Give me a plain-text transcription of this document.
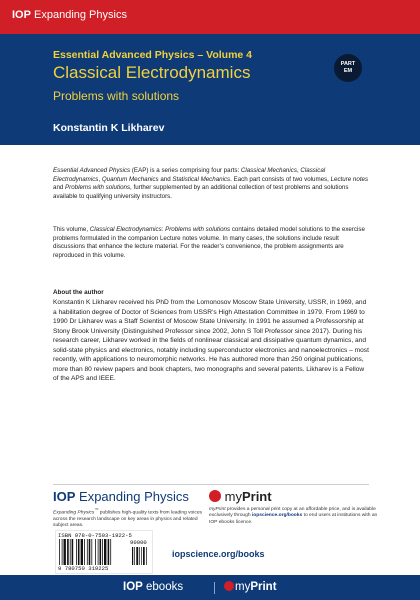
IOP Expanding Physics
Essential Advanced Physics – Volume 4
Classical Electrodynamics
Problems with solutions
Konstantin K Likharev
PART
EM

Essential Advanced Physics (EAP) is a series comprising four parts: Classical Mechanics, Classical Electrodynamics, Quantum Mechanics and Statistical Mechanics. Each part consists of two volumes, Lecture notes and Problems with solutions, further supplemented by an additional collection of test problems and solutions available to qualifying university instructors.

This volume, Classical Electrodynamics: Problems with solutions contains detailed model solutions to the exercise problems formulated in the companion Lecture notes volume. In many cases, the solutions include result discussions that enhance the lecture material. For the reader’s convenience, the problem assignments are reproduced in this volume.

About the author

Konstantin K Likharev received his PhD from the Lomonosov Moscow State University, USSR, in 1969, and a habilitation degree of Doctor of Sciences from USSR’s High Attestation Committee in 1979. From 1969 to 1990 Dr Likharev was a Staff Scientist of Moscow State University. In 1991 he assumed a Professorship at Stony Brook University (Distinguished Professor since 2002, John S Toll Professor since 2017). During his research career, Likharev worked in the fields of nonlinear classical and dissipative quantum dynamics, and solid-state physics and electronics, notably including superconductor electronics and nanoelectronics – most recently, with applications to neuromorphic networks. He has authored more than 250 original publications, more than 80 review papers and book chapters, two monographs and several patents. Likharev is a Fellow of the APS and IEEE.

IOP Expanding Physics
Expanding Physics™ publishes high-quality texts from leading voices across the research landscape on key areas in physics and related subject areas.
myPrint
myPrint provides a personal print copy at an affordable price, and is available exclusively through iopscience.org/books to end users at institutions with an IOP ebooks licence.
ISBN 978-0-7503-1922-5
90000
9 780750 319225
iopscience.org/books
IOP ebooks	myPrint
